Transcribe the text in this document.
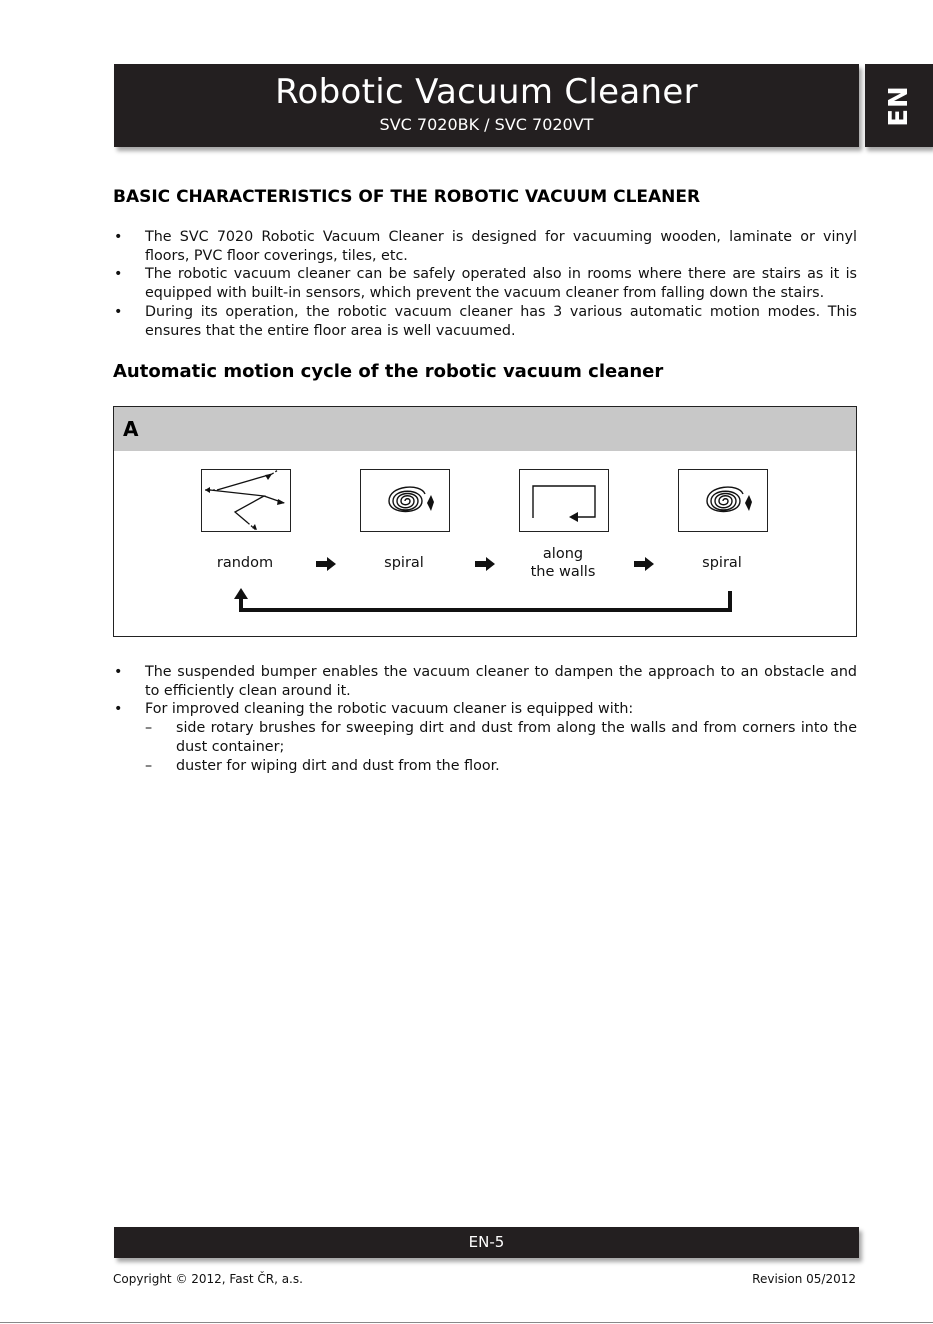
Robotic Vacuum Cleaner
SVC 7020BK / SVC 7020VT	EN
BASIC CHARACTERISTICS OF THE ROBOTIC VACUUM CLEANER
• The SVC 7020 Robotic Vacuum Cleaner is designed for vacuuming wooden, laminate or vinyl floors, PVC floor coverings, tiles, etc.
• The robotic vacuum cleaner can be safely operated also in rooms where there are stairs as it is equipped with built-in sensors, which prevent the vacuum cleaner from falling down the stairs.
• During its operation, the robotic vacuum cleaner has 3 various automatic motion modes. This ensures that the entire floor area is well vacuumed.
Automatic motion cycle of the robotic vacuum cleaner
A
random	spiral
along
the walls
spiral
• The suspended bumper enables the vacuum cleaner to dampen the approach to an obstacle and to efficiently clean around it.
• For improved cleaning the robotic vacuum cleaner is equipped with:
– side rotary brushes for sweeping dirt and dust from along the walls and from corners into the dust container;
– duster for wiping dirt and dust from the floor.
EN-5
Copyright © 2012, Fast ČR, a.s.	Revision 05/2012
